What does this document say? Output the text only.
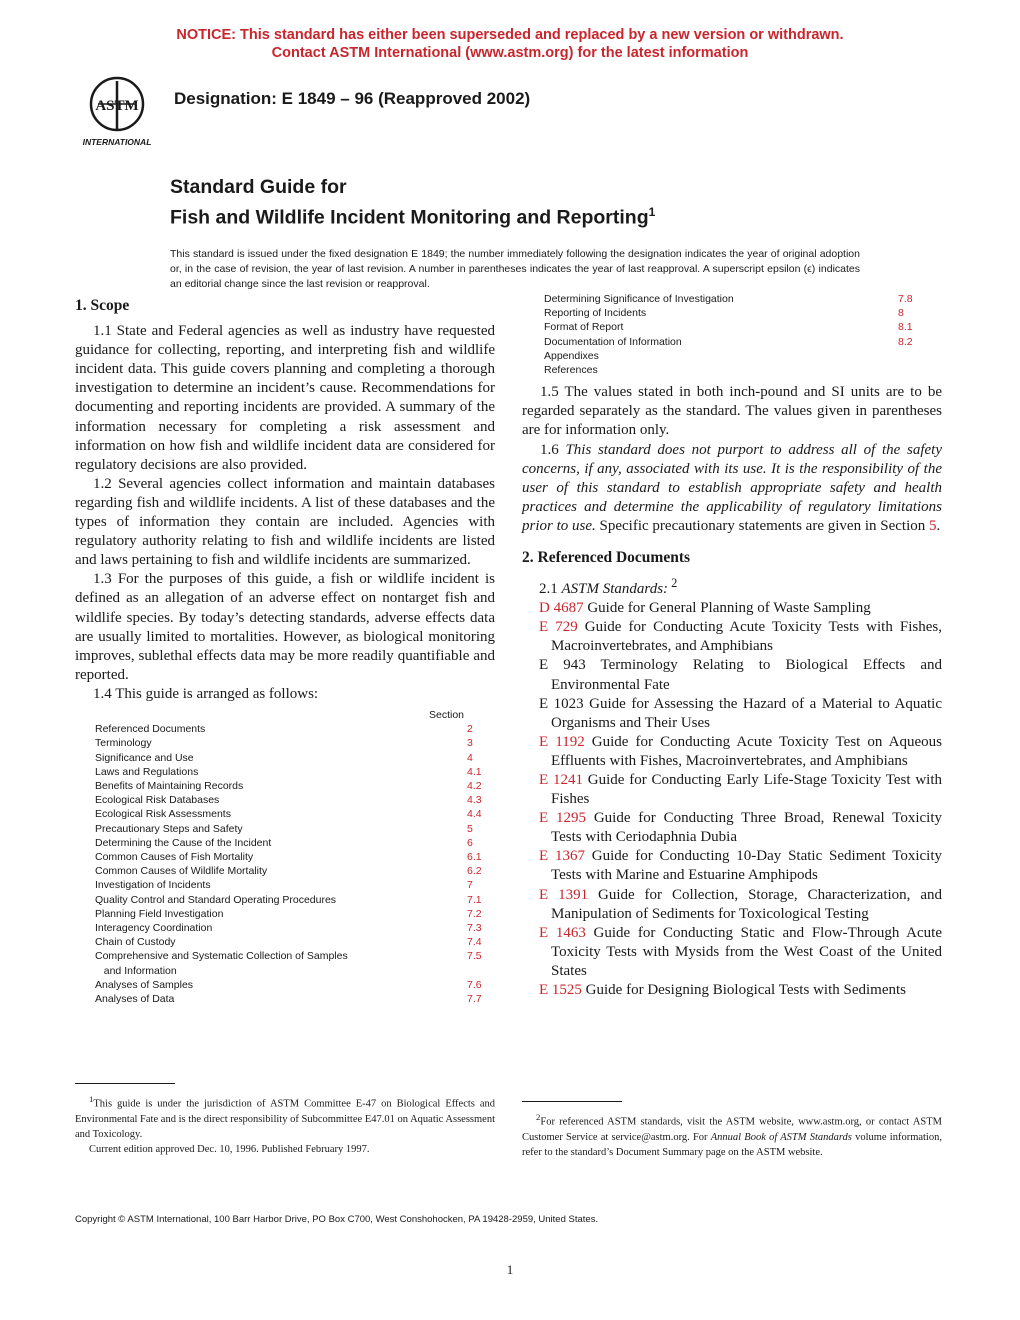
NOTICE: This standard has either been superseded and replaced by a new version or withdrawn.
Contact ASTM International (www.astm.org) for the latest information
ASTM
INTERNATIONAL
Designation: E 1849 – 96 (Reapproved 2002)
Standard Guide for
Fish and Wildlife Incident Monitoring and Reporting$^1$
This standard is issued under the fixed designation E 1849; the number immediately following the designation indicates the year of original adoption or, in the case of revision, the year of last revision. A number in parentheses indicates the year of last reapproval. A superscript epsilon (ϵ) indicates an editorial change since the last revision or reapproval.
1. Scope

1.1 State and Federal agencies as well as industry have requested guidance for collecting, reporting, and interpreting fish and wildlife incident data. This guide covers planning and completing a thorough investigation to determine an incident’s cause. Recommendations for documenting and reporting incidents are provided. A summary of the information necessary for completing a risk assessment and information on how fish and wildlife incident data are considered for regulatory decisions are also provided.

1.2 Several agencies collect information and maintain databases regarding fish and wildlife incidents. A list of these databases and the types of information they contain are included. Agencies with regulatory authority relating to fish and wildlife incidents are listed and laws pertaining to fish and wildlife incidents are summarized.

1.3 For the purposes of this guide, a fish or wildlife incident is defined as an allegation of an adverse effect on nontarget fish and wildlife species. By today’s detecting standards, adverse effects data are usually limited to mortalities. However, as biological monitoring improves, sublethal effects data may be more readily quantifiable and reported.

1.4 This guide is arranged as follows:

Section
Referenced Documents	2
Terminology	3
Significance and Use	4
Laws and Regulations	4.1
Benefits of Maintaining Records	4.2
Ecological Risk Databases	4.3
Ecological Risk Assessments	4.4
Precautionary Steps and Safety	5
Determining the Cause of the Incident	6
Common Causes of Fish Mortality	6.1
Common Causes of Wildlife Mortality	6.2
Investigation of Incidents	7
Quality Control and Standard Operating Procedures	7.1
Planning Field Investigation	7.2
Interagency Coordination	7.3
Chain of Custody	7.4
Comprehensive and Systematic Collection of Samples	7.5
and Information
Analyses of Samples	7.6
Analyses of Data	7.7
Determining Significance of Investigation	7.8
Reporting of Incidents	8
Format of Report	8.1
Documentation of Information	8.2
Appendixes
References

1.5 The values stated in both inch-pound and SI units are to be regarded separately as the standard. The values given in parentheses are for information only.

1.6 This standard does not purport to address all of the safety concerns, if any, associated with its use. It is the responsibility of the user of this standard to establish appropriate safety and health practices and determine the applicability of regulatory limitations prior to use. Specific precautionary statements are given in Section 5.

2. Referenced Documents
2.1 ASTM Standards: $^2$
D 4687 Guide for General Planning of Waste Sampling
E 729 Guide for Conducting Acute Toxicity Tests with Fishes, Macroinvertebrates, and Amphibians
E 943 Terminology Relating to Biological Effects and Environmental Fate
E 1023 Guide for Assessing the Hazard of a Material to Aquatic Organisms and Their Uses
E 1192 Guide for Conducting Acute Toxicity Test on Aqueous Effluents with Fishes, Macroinvertebrates, and Amphibians
E 1241 Guide for Conducting Early Life-Stage Toxicity Test with Fishes
E 1295 Guide for Conducting Three Broad, Renewal Toxicity Tests with Ceriodaphnia Dubia
E 1367 Guide for Conducting 10-Day Static Sediment Toxicity Tests with Marine and Estuarine Amphipods
E 1391 Guide for Collection, Storage, Characterization, and Manipulation of Sediments for Toxicological Testing
E 1463 Guide for Conducting Static and Flow-Through Acute Toxicity Tests with Mysids from the West Coast of the United States
E 1525 Guide for Designing Biological Tests with Sediments

$^1$This guide is under the jurisdiction of ASTM Committee E-47 on Biological Effects and Environmental Fate and is the direct responsibility of Subcommittee E47.01 on Aquatic Assessment and Toxicology.

Current edition approved Dec. 10, 1996. Published February 1997.

$^2$For referenced ASTM standards, visit the ASTM website, www.astm.org, or contact ASTM Customer Service at service@astm.org. For Annual Book of ASTM Standards volume information, refer to the standard’s Document Summary page on the ASTM website.

Copyright © ASTM International, 100 Barr Harbor Drive, PO Box C700, West Conshohocken, PA 19428-2959, United States.
1
